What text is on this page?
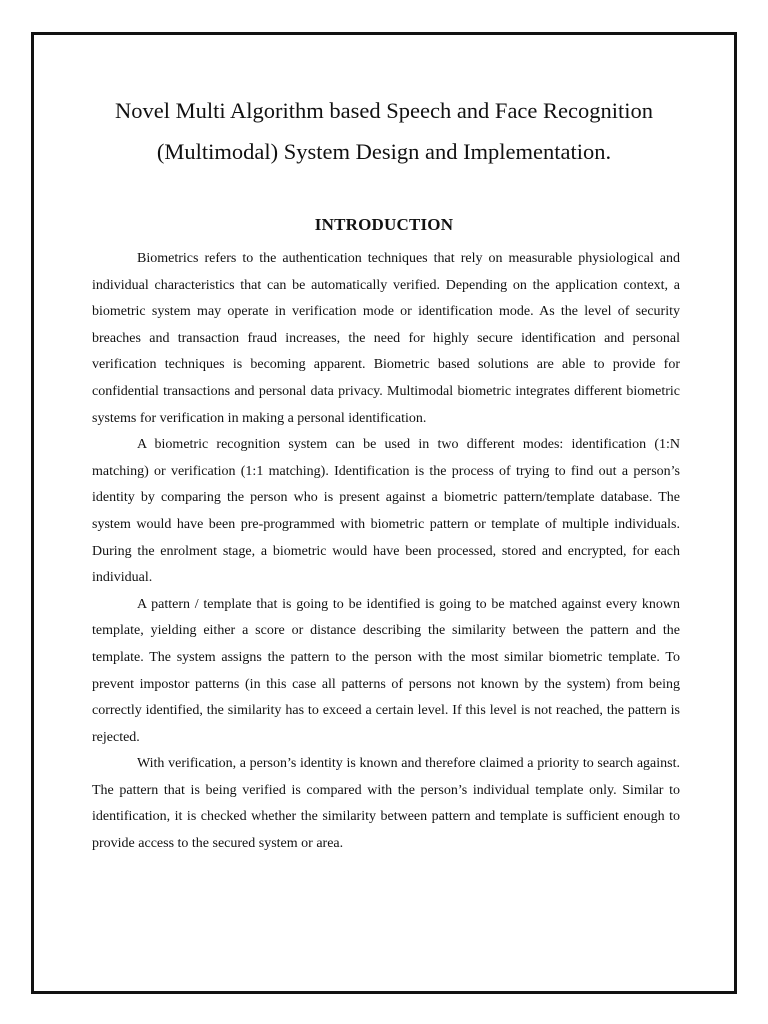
Novel Multi Algorithm based Speech and Face Recognition
(Multimodal) System Design and Implementation.
INTRODUCTION

Biometrics refers to the authentication techniques that rely on measurable physiological and individual characteristics that can be automatically verified. Depending on the application context, a biometric system may operate in verification mode or identification mode. As the level of security breaches and transaction fraud increases, the need for highly secure identification and personal verification techniques is becoming apparent. Biometric based solutions are able to provide for confidential transactions and personal data privacy. Multimodal biometric integrates different biometric systems for verification in making a personal identification.

A biometric recognition system can be used in two different modes: identification (1:N matching) or verification (1:1 matching). Identification is the process of trying to find out a person’s identity by comparing the person who is present against a biometric pattern/template database. The system would have been pre-programmed with biometric pattern or template of multiple individuals. During the enrolment stage, a biometric would have been processed, stored and encrypted, for each individual.

A pattern / template that is going to be identified is going to be matched against every known template, yielding either a score or distance describing the similarity between the pattern and the template. The system assigns the pattern to the person with the most similar biometric template. To prevent impostor patterns (in this case all patterns of persons not known by the system) from being correctly identified, the similarity has to exceed a certain level. If this level is not reached, the pattern is rejected.

With verification, a person’s identity is known and therefore claimed a priority to search against. The pattern that is being verified is compared with the person’s individual template only. Similar to identification, it is checked whether the similarity between pattern and template is sufficient enough to provide access to the secured system or area.
